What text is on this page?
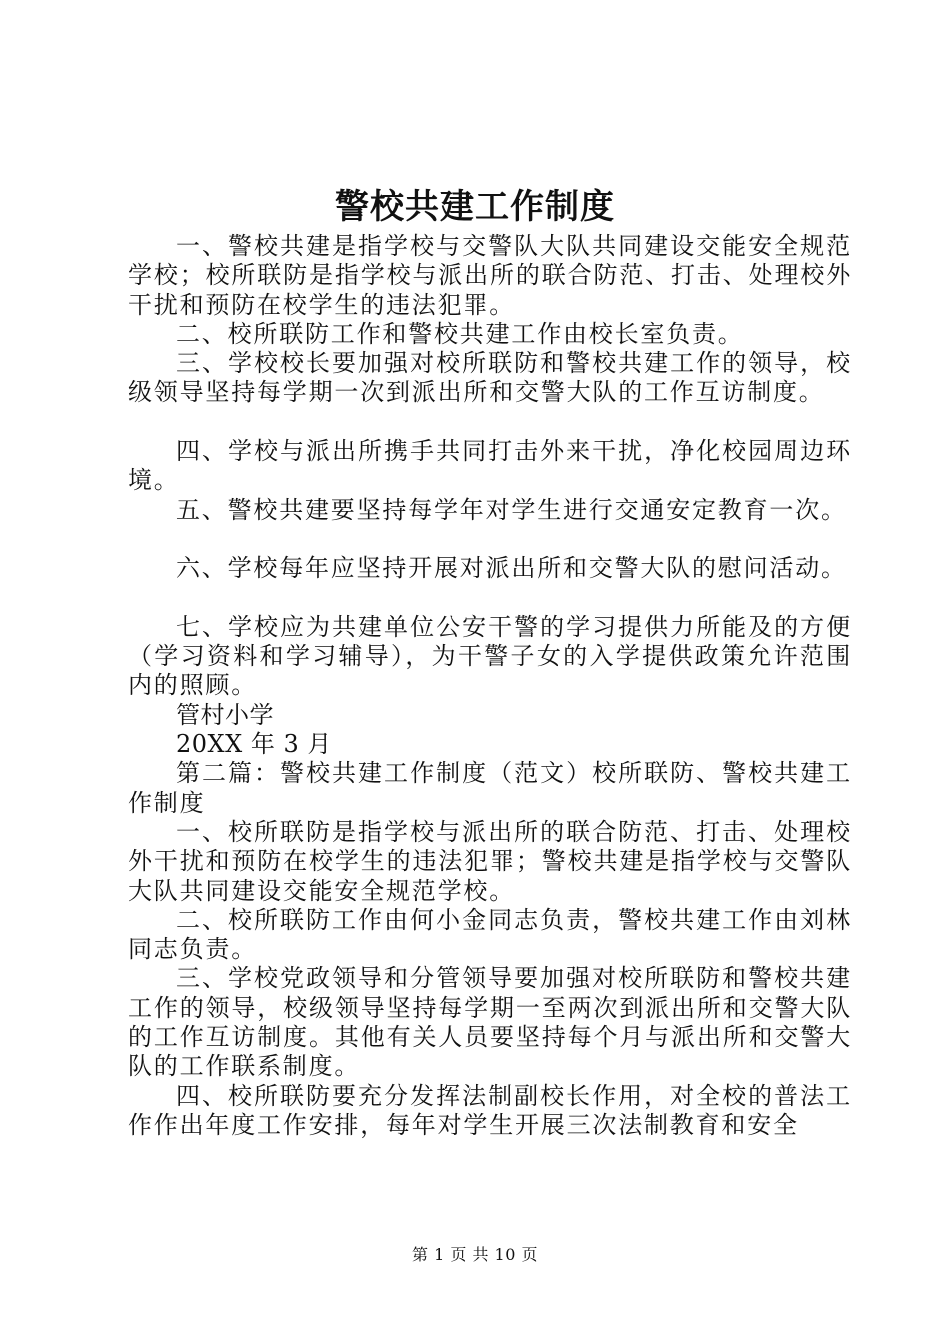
警校共建工作制度

一、警校共建是指学校与交警队大队共同建设交能安全规范学校；校所联防是指学校与派出所的联合防范、打击、处理校外干扰和预防在校学生的违法犯罪。

二、校所联防工作和警校共建工作由校长室负责。

三、学校校长要加强对校所联防和警校共建工作的领导，校级领导坚持每学期一次到派出所和交警大队的工作互访制度。

四、学校与派出所携手共同打击外来干扰，净化校园周边环境。

五、警校共建要坚持每学年对学生进行交通安定教育一次。

六、学校每年应坚持开展对派出所和交警大队的慰问活动。

七、学校应为共建单位公安干警的学习提供力所能及的方便（学习资料和学习辅导），为干警子女的入学提供政策允许范围内的照顾。

管村小学

20XX 年 3 月

第二篇：警校共建工作制度（范文）校所联防、警校共建工作制度

一、校所联防是指学校与派出所的联合防范、打击、处理校外干扰和预防在校学生的违法犯罪；警校共建是指学校与交警队大队共同建设交能安全规范学校。

二、校所联防工作由何小金同志负责，警校共建工作由刘林同志负责。

三、学校党政领导和分管领导要加强对校所联防和警校共建工作的领导，校级领导坚持每学期一至两次到派出所和交警大队的工作互访制度。其他有关人员要坚持每个月与派出所和交警大队的工作联系制度。

四、校所联防要充分发挥法制副校长作用，对全校的普法工作作出年度工作安排，每年对学生开展三次法制教育和安全

第 1 页 共 10 页
